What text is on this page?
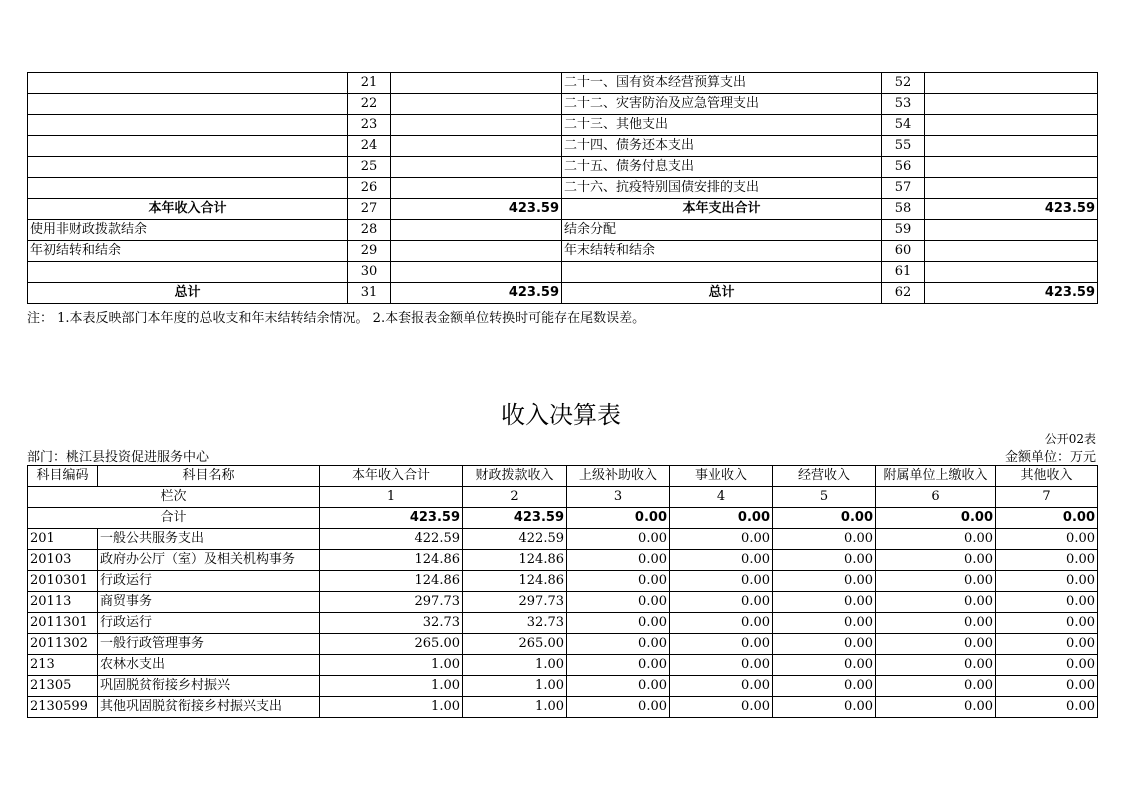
	21		二十一、国有资本经营预算支出	52	
	22		二十二、灾害防治及应急管理支出	53	
	23		二十三、其他支出	54	
	24		二十四、债务还本支出	55	
	25		二十五、债务付息支出	56	
	26		二十六、抗疫特别国债安排的支出	57	
本年收入合计	27	423.59	本年支出合计	58	423.59
使用非财政拨款结余	28		结余分配	59	
年初结转和结余	29		年末结转和结余	60	
	30			61	
总计	31	423.59	总计	62	423.59
注： 1.本表反映部门本年度的总收支和年末结转结余情况。 2.本套报表金额单位转换时可能存在尾数误差。
收入决算表
公开02表
部门：桃江县投资促进服务中心	金额单位：万元
科目编码	科目名称	本年收入合计	财政拨款收入	上级补助收入	事业收入	经营收入	附属单位上缴收入	其他收入
栏次		1	2	3	4	5	6	7
合计		423.59	423.59	0.00	0.00	0.00	0.00	0.00
201	一般公共服务支出	422.59	422.59	0.00	0.00	0.00	0.00	0.00
20103	政府办公厅（室）及相关机构事务	124.86	124.86	0.00	0.00	0.00	0.00	0.00
2010301	行政运行	124.86	124.86	0.00	0.00	0.00	0.00	0.00
20113	商贸事务	297.73	297.73	0.00	0.00	0.00	0.00	0.00
2011301	行政运行	32.73	32.73	0.00	0.00	0.00	0.00	0.00
2011302	一般行政管理事务	265.00	265.00	0.00	0.00	0.00	0.00	0.00
213	农林水支出	1.00	1.00	0.00	0.00	0.00	0.00	0.00
21305	巩固脱贫衔接乡村振兴	1.00	1.00	0.00	0.00	0.00	0.00	0.00
2130599	其他巩固脱贫衔接乡村振兴支出	1.00	1.00	0.00	0.00	0.00	0.00	0.00
